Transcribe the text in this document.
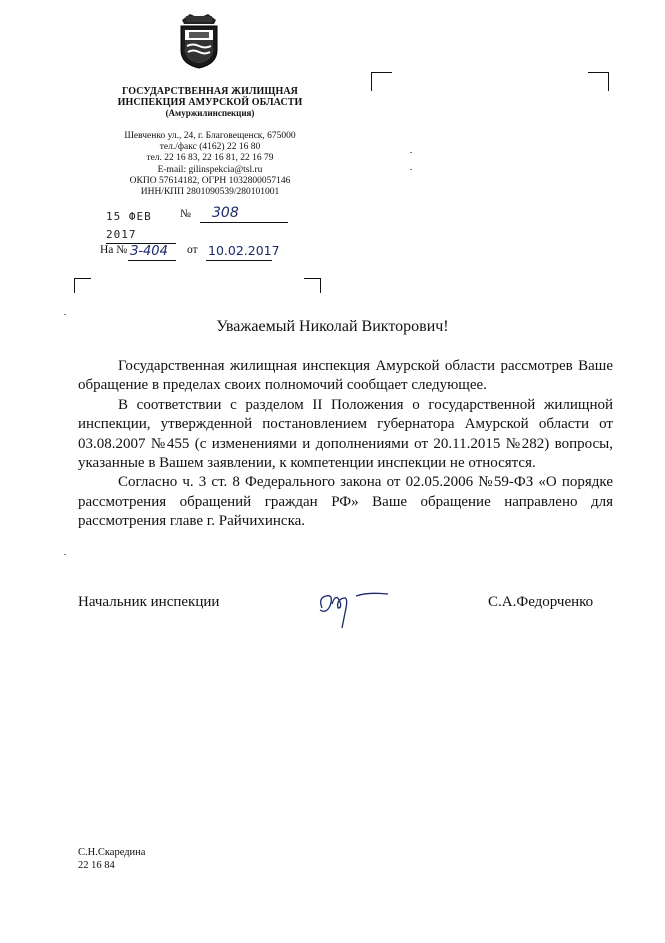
ГОСУДАРСТВЕННАЯ ЖИЛИЩНАЯ
ИНСПЕКЦИЯ АМУРСКОЙ ОБЛАСТИ
(Амуржилинспекция)
Шевченко ул., 24, г. Благовещенск, 675000
тел./факс (4162) 22 16 80
тел. 22 16 83, 22 16 81, 22 16 79
E-mail: gilinspekcia@tsl.ru
ОКПО 57614182, ОГРН 1032800057146
ИНН/КПП 2801090539/280101001
15 ФЕВ 2017
№	308
На № З-404	от 10.02.2017
Уважаемый Николай Викторович!

Государственная жилищная инспекция Амурской области рассмотрев Ваше обращение в пределах своих полномочий сообщает следующее.

В соответствии с разделом II Положения о государственной жилищной инспекции, утвержденной постановлением губернатора Амурской области от 03.08.2007 №455 (с изменениями и дополнениями от 20.11.2015 №282) вопросы, указанные в Вашем заявлении, к компетенции инспекции не относятся.

Согласно ч. 3 ст. 8 Федерального закона от 02.05.2006 №59-ФЗ «О порядке рассмотрения обращений граждан РФ» Ваше обращение направлено для рассмотрения главе г. Райчихинска.

Начальник инспекции	С.А.Федорченко
С.Н.Скаредина
22 16 84
